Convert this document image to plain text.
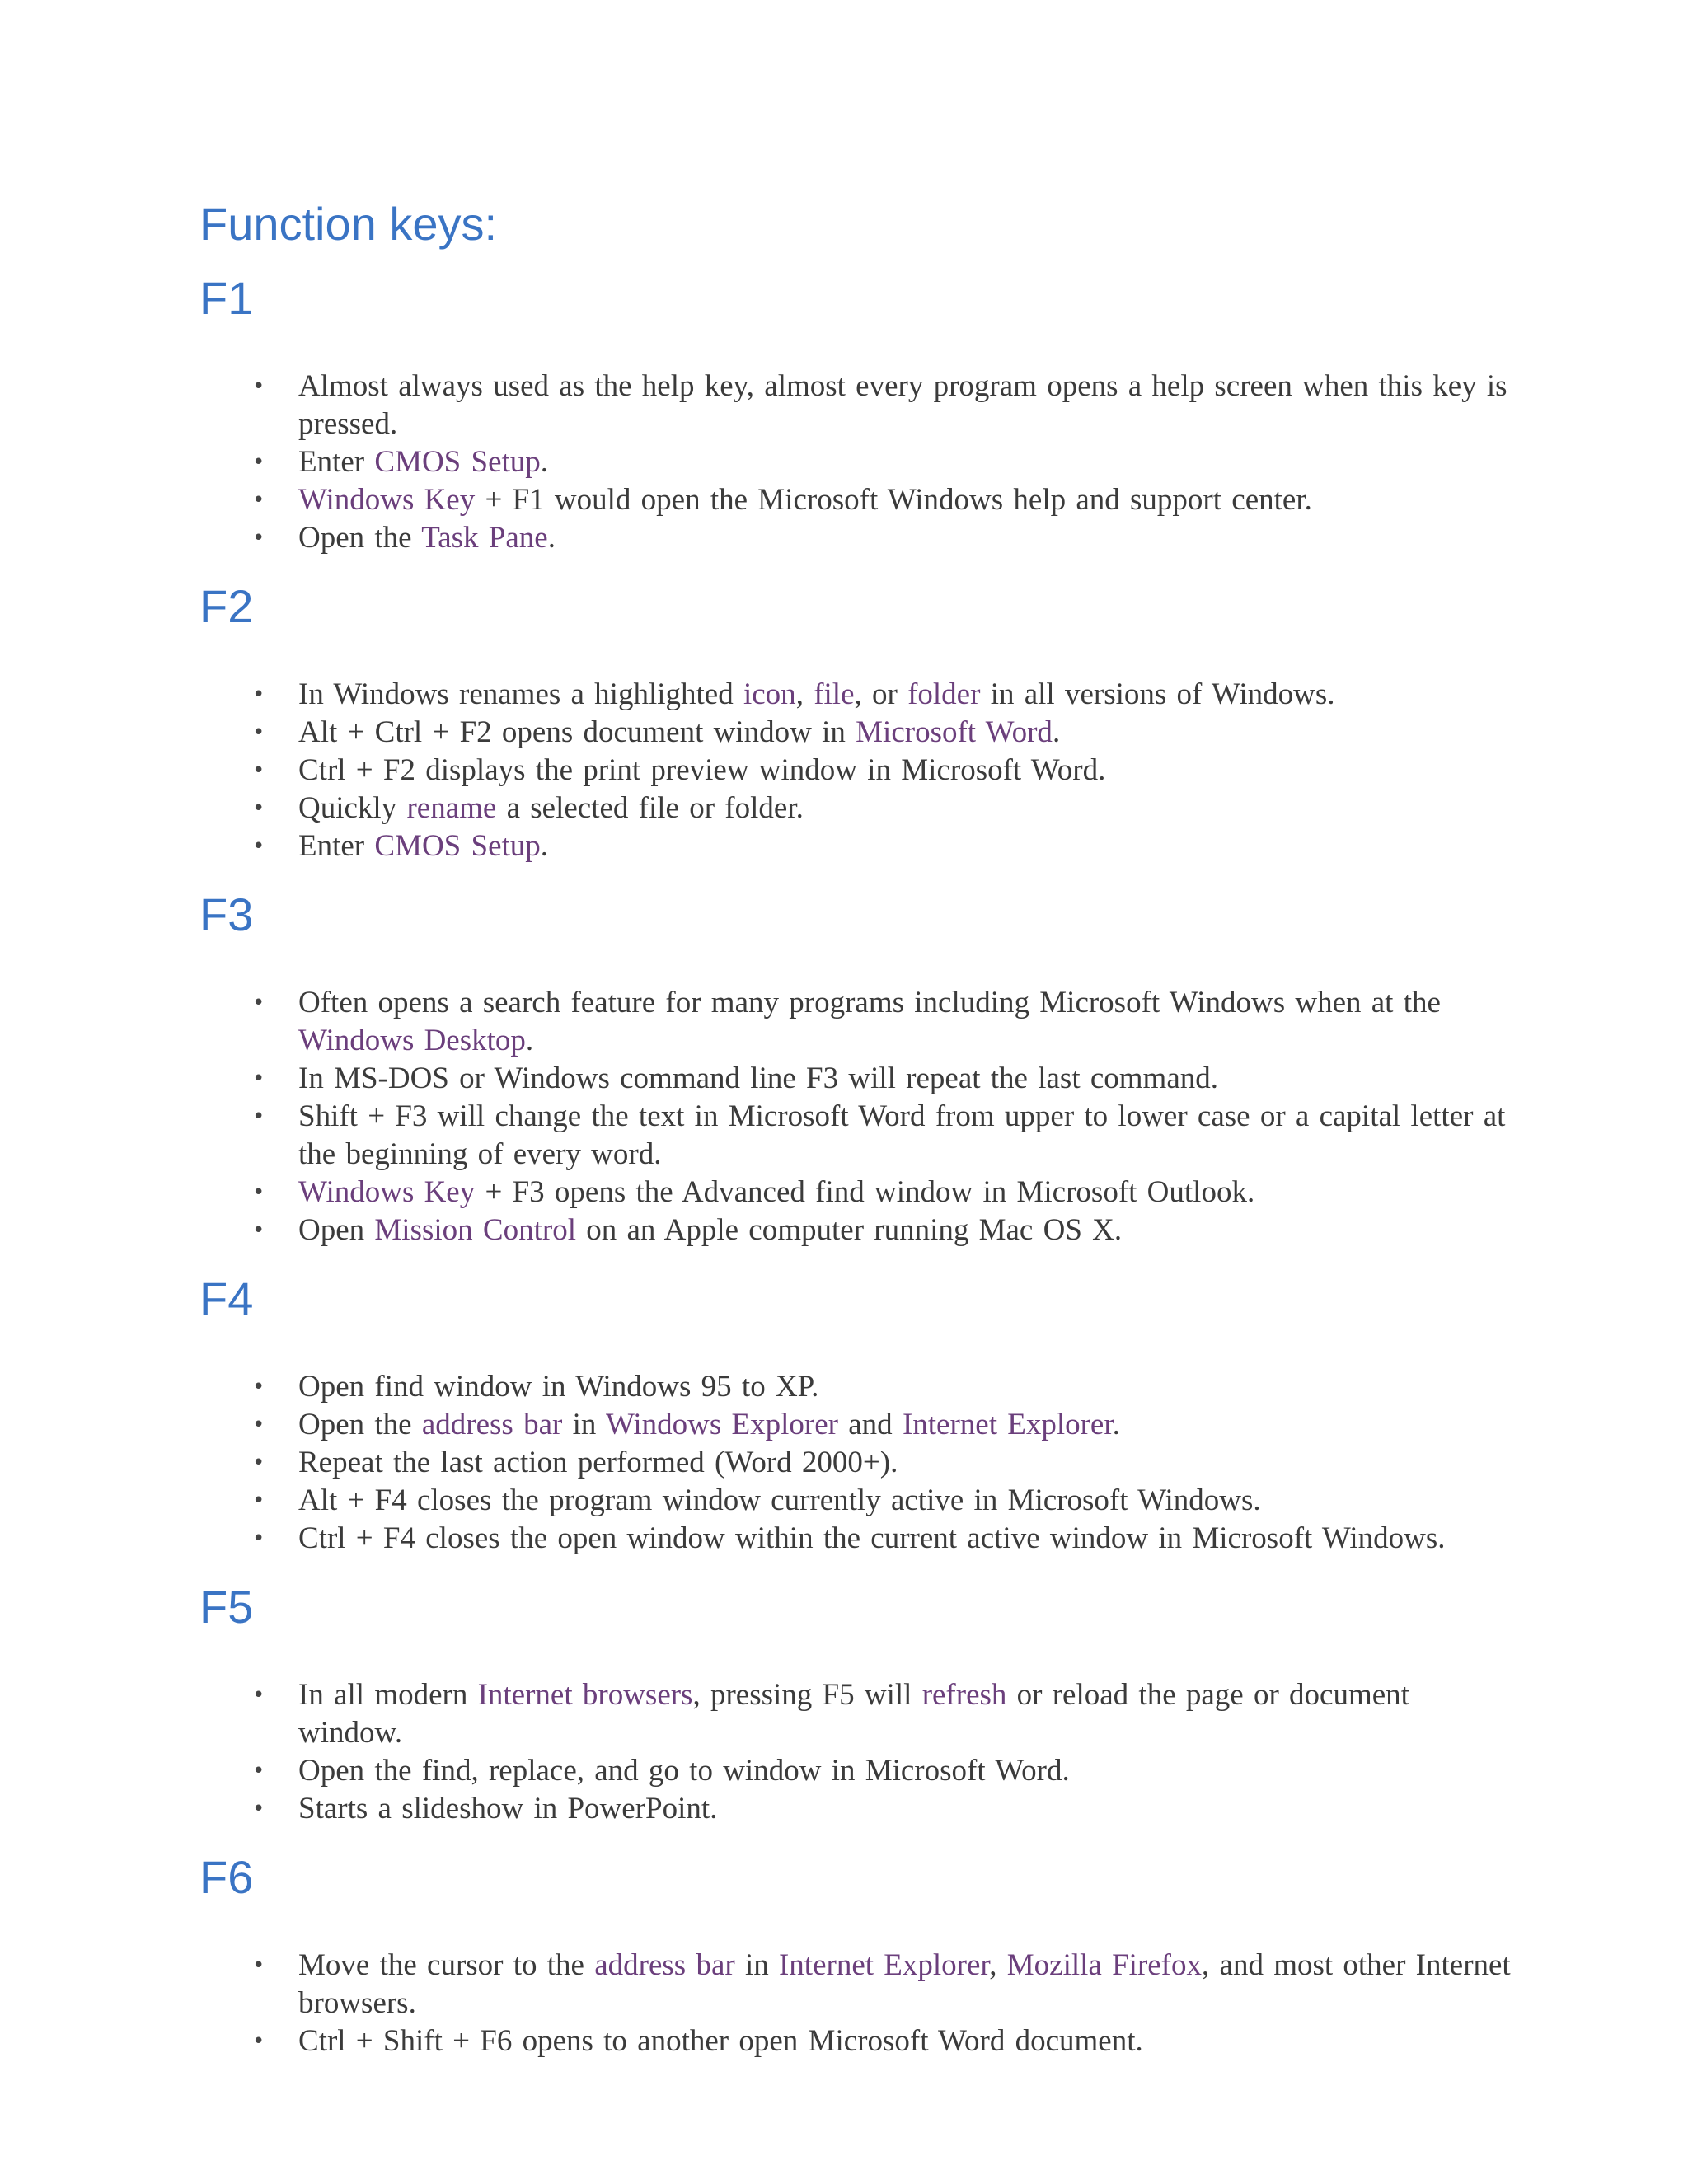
Function keys:
F1
• Almost always used as the help key, almost every program opens a help screen when this key is pressed.
• Enter CMOS Setup.
• Windows Key + F1 would open the Microsoft Windows help and support center.
• Open the Task Pane.
F2
• In Windows renames a highlighted icon, file, or folder in all versions of Windows.
• Alt + Ctrl + F2 opens document window in Microsoft Word.
• Ctrl + F2 displays the print preview window in Microsoft Word.
• Quickly rename a selected file or folder.
• Enter CMOS Setup.
F3
• Often opens a search feature for many programs including Microsoft Windows when at the Windows Desktop.
• In MS-DOS or Windows command line F3 will repeat the last command.
• Shift + F3 will change the text in Microsoft Word from upper to lower case or a capital letter at the beginning of every word.
• Windows Key + F3 opens the Advanced find window in Microsoft Outlook.
• Open Mission Control on an Apple computer running Mac OS X.
F4
• Open find window in Windows 95 to XP.
• Open the address bar in Windows Explorer and Internet Explorer.
• Repeat the last action performed (Word 2000+).
• Alt + F4 closes the program window currently active in Microsoft Windows.
• Ctrl + F4 closes the open window within the current active window in Microsoft Windows.
F5
• In all modern Internet browsers, pressing F5 will refresh or reload the page or document window.
• Open the find, replace, and go to window in Microsoft Word.
• Starts a slideshow in PowerPoint.
F6
• Move the cursor to the address bar in Internet Explorer, Mozilla Firefox, and most other Internet browsers.
• Ctrl + Shift + F6 opens to another open Microsoft Word document.
